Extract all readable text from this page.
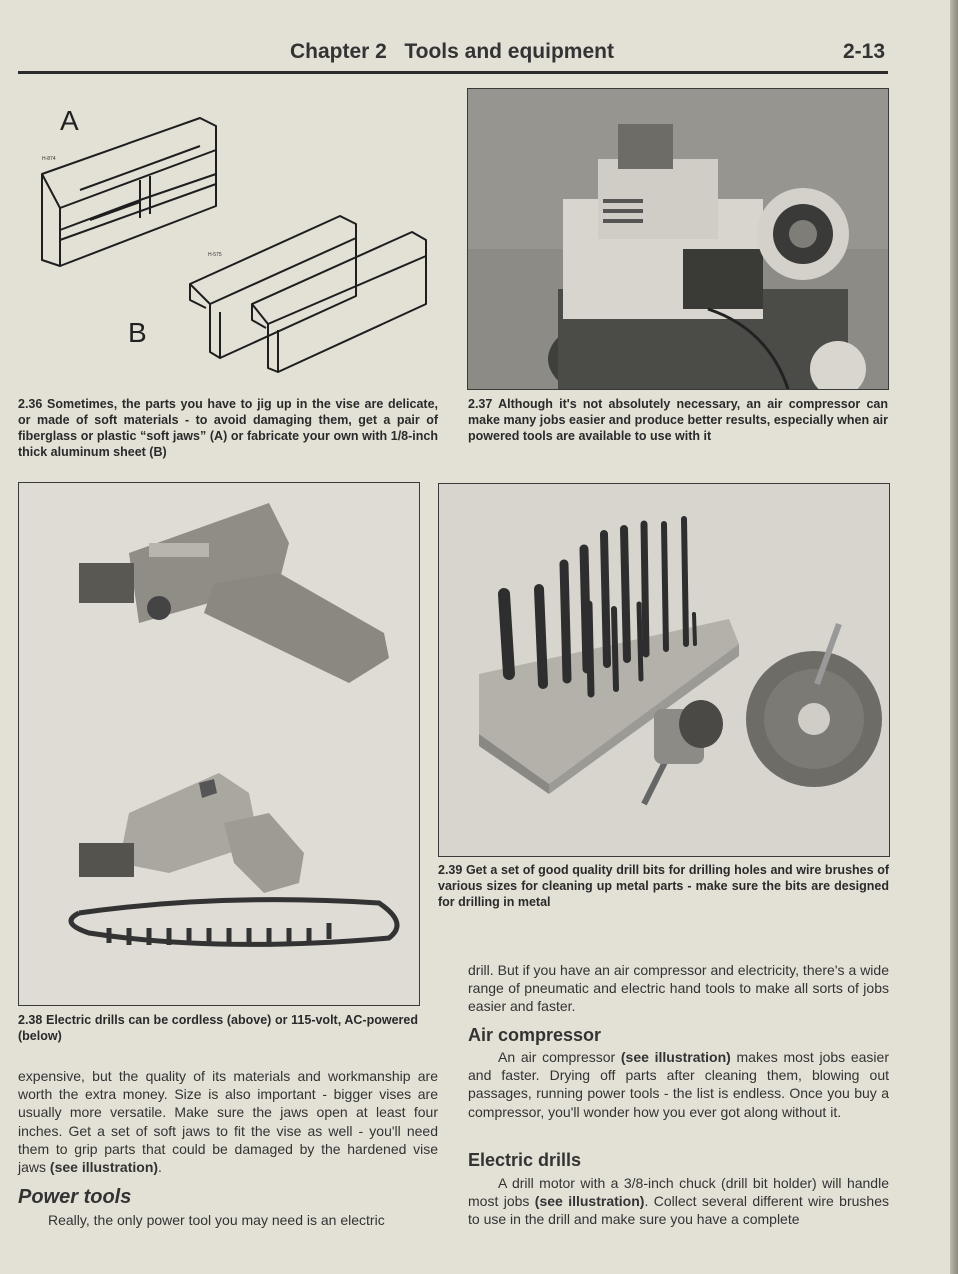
Chapter 2   Tools and equipment	2-13
A
B
H-874
H-575
2.36 Sometimes, the parts you have to jig up in the vise are delicate, or made of soft materials - to avoid damaging them, get a pair of fiberglass or plastic “soft jaws” (A) or fabricate your own with 1/8-inch thick aluminum sheet (B)
2.37 Although it's not absolutely necessary, an air compressor can make many jobs easier and produce better results, especially when air powered tools are available to use with it
2.38 Electric drills can be cordless (above) or 115-volt, AC-powered (below)
2.39 Get a set of good quality drill bits for drilling holes and wire brushes of various sizes for cleaning up metal parts - make sure the bits are designed for drilling in metal

expensive, but the quality of its materials and workmanship are worth the extra money. Size is also important - bigger vises are usually more versatile. Make sure the jaws open at least four inches. Get a set of soft jaws to fit the vise as well - you'll need them to grip parts that could be damaged by the hardened vise jaws (see illustration).

Power tools

Really, the only power tool you may need is an electric

drill. But if you have an air compressor and electricity, there's a wide range of pneumatic and electric hand tools to make all sorts of jobs easier and faster.

Air compressor

An air compressor (see illustration) makes most jobs easier and faster. Drying off parts after cleaning them, blowing out passages, running power tools - the list is endless. Once you buy a compressor, you'll wonder how you ever got along without it.

Electric drills

A drill motor with a 3/8-inch chuck (drill bit holder) will handle most jobs (see illustration). Collect several different wire brushes to use in the drill and make sure you have a complete
